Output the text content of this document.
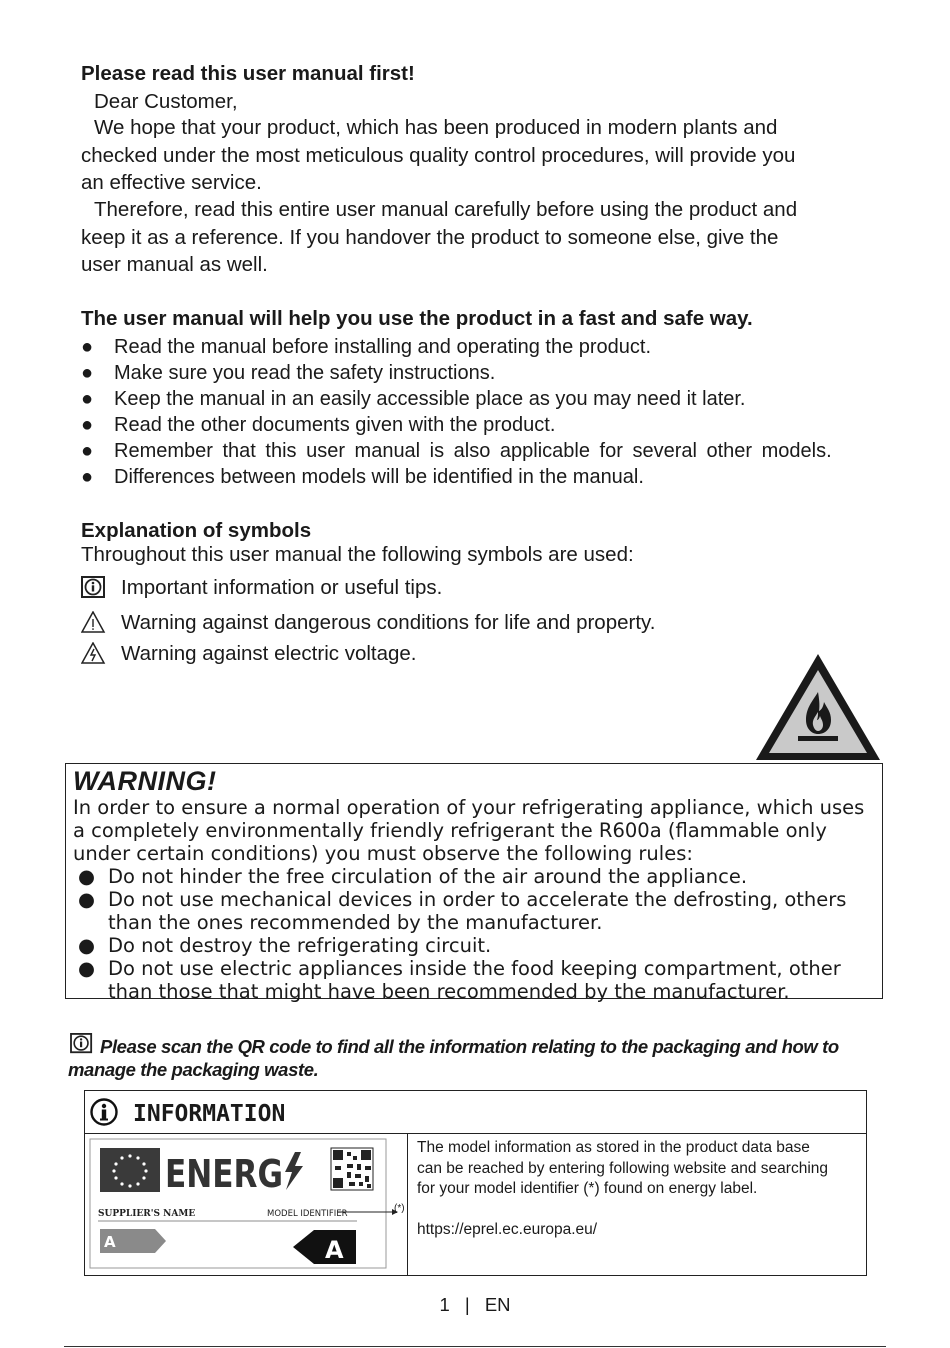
Please read this user manual first!
Dear Customer,
We hope that your product, which has been produced in modern plants and
checked under the most meticulous quality control procedures, will provide you
an effective service.
Therefore, read this entire user manual carefully before using the product and
keep it as a reference. If you handover the product to someone else, give the
user manual as well.
The user manual will help you use the product in a fast and safe way.
● Read the manual before installing and operating the product.
● Make sure you read the safety instructions.
● Keep the manual in an easily accessible place as you may need it later.
● Read the other documents given with the product.
● Remember that this user manual is also applicable for several other models.
● Differences between models will be identified in the manual.
Explanation of symbols
Throughout this user manual the following symbols are used:
Important information or useful tips.
Warning against dangerous conditions for life and property.
Warning against electric voltage.
WARNING!
In order to ensure a normal operation of your refrigerating appliance, which uses
a completely environmentally friendly refrigerant the R600a (flammable only
under certain conditions) you must observe the following rules:
● Do not hinder the free circulation of the air around the appliance.
● Do not use mechanical devices in order to accelerate the defrosting, others
than the ones recommended by the manufacturer.
● Do not destroy the refrigerating circuit.
● Do not use electric appliances inside the food keeping compartment, other
than those that might have been recommended by the manufacturer.
Please scan the QR code to find all the information relating to the packaging and how to
manage the packaging waste.
INFORMATION
ENERG
SUPPLIER'S NAME	MODEL IDENTIFIER
A	A
(*)
The model information as stored in the product data base
can be reached by entering following website and searching
for your model identifier (*) found on energy label.
https://eprel.ec.europa.eu/
1 | EN
